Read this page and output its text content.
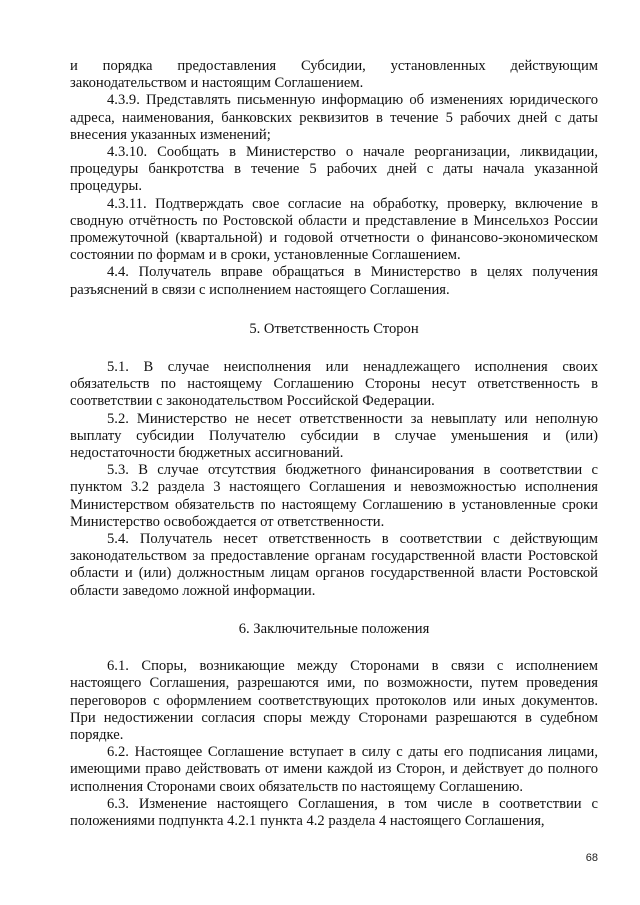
и порядка предоставления Субсидии, установленных действующим законодательством и настоящим Соглашением.

4.3.9. Представлять письменную информацию об изменениях юридического адреса, наименования, банковских реквизитов в течение 5 рабочих дней с даты внесения указанных изменений;

4.3.10. Сообщать в Министерство о начале реорганизации, ликвидации, процедуры банкротства в течение 5 рабочих дней с даты начала указанной процедуры.

4.3.11. Подтверждать свое согласие на обработку, проверку, включение в сводную отчётность по Ростовской области и представление в Минсельхоз России промежуточной (квартальной) и годовой отчетности о финансово-экономическом состоянии по формам и в сроки, установленные Соглашением.

4.4. Получатель вправе обращаться в Министерство в целях получения разъяснений в связи с исполнением настоящего Соглашения.

5. Ответственность Сторон

5.1. В случае неисполнения или ненадлежащего исполнения своих обязательств по настоящему Соглашению Стороны несут ответственность в соответствии с законодательством Российской Федерации.

5.2. Министерство не несет ответственности за невыплату или неполную выплату субсидии Получателю субсидии в случае уменьшения и (или) недостаточности бюджетных ассигнований.

5.3. В случае отсутствия бюджетного финансирования в соответствии с пунктом 3.2 раздела 3 настоящего Соглашения и невозможностью исполнения Министерством обязательств по настоящему Соглашению в установленные сроки Министерство освобождается от ответственности.

5.4. Получатель несет ответственность в соответствии с действующим законодательством за предоставление органам государственной власти Ростовской области и (или) должностным лицам органов государственной власти Ростовской области заведомо ложной информации.

6. Заключительные положения

6.1. Споры, возникающие между Сторонами в связи с исполнением настоящего Соглашения, разрешаются ими, по возможности, путем проведения переговоров с оформлением соответствующих протоколов или иных документов. При недостижении согласия споры между Сторонами разрешаются в судебном порядке.

6.2. Настоящее Соглашение вступает в силу с даты его подписания лицами, имеющими право действовать от имени каждой из Сторон, и действует до полного исполнения Сторонами своих обязательств по настоящему Соглашению.

6.3. Изменение настоящего Соглашения, в том числе в соответствии с положениями подпункта 4.2.1 пункта 4.2 раздела 4 настоящего Соглашения,

68
